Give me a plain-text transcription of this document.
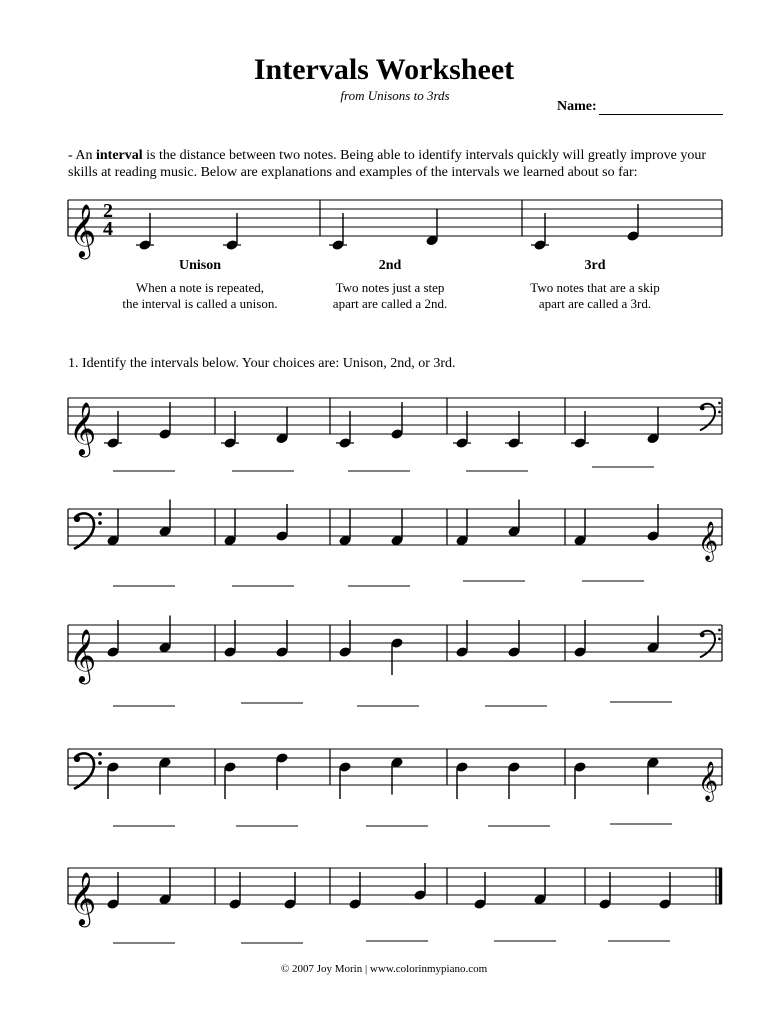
Intervals Worksheet
from Unisons to 3rds
Name:
- An interval is the distance between two notes. Being able to identify intervals quickly will greatly improve your skills at reading music. Below are explanations and examples of the intervals we learned about so far:
Unison
When a note is repeated,
the interval is called a unison.
2nd
Two notes just a step
apart are called a 2nd.
3rd
Two notes that are a skip
apart are called a 3rd.
1. Identify the intervals below. Your choices are: Unison, 2nd, or 3rd.
© 2007 Joy Morin | www.colorinmypiano.com
𝄞 2
4
𝄞
𝄞
𝄞
𝄞
𝄞
